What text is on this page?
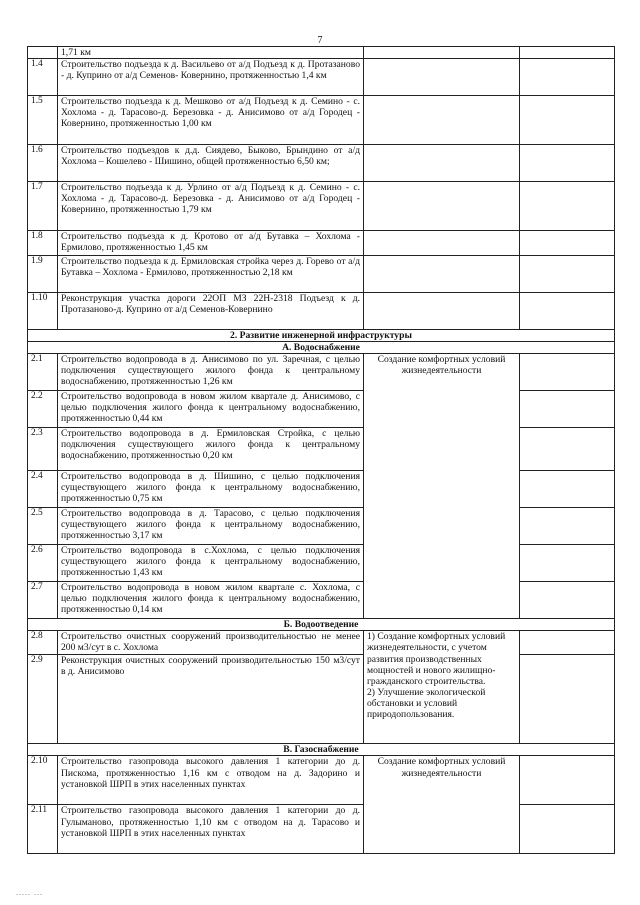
7
	1,71 км		
1.4	Строительство подъезда к д. Васильево от а/д Подъезд к д. Протазаново - д. Куприно от а/д Семенов- Ковернино, протяженностью 1,4 км		
1.5	Строительство подъезда к д. Мешково от а/д Подъезд к д. Семино - с. Хохлома - д. Тарасово-д. Березовка - д. Анисимово от а/д Городец - Ковернино, протяженностью 1,00 км		
1.6	Строительство подъездов к д.д. Сиядево, Быково, Брындино от а/д Хохлома – Кошелево - Шишино, общей протяженностью 6,50 км;		
1.7	Строительство подъезда к д. Урлино от а/д Подъезд к д. Семино - с. Хохлома - д. Тарасово-д. Березовка - д. Анисимово от а/д Городец - Ковернино, протяженностью 1,79 км		
1.8	Строительство подъезда к д. Кротово от а/д Бутавка – Хохлома - Ермилово, протяженностью 1,45 км		
1.9	Строительство подъезда к д. Ермиловская стройка через д. Горево от а/д Бутавка – Хохлома - Ермилово, протяженностью 2,18 км		
1.10	Реконструкция участка дороги 22ОП МЗ 22Н-2318 Подъезд к д. Протазаново-д. Куприно от а/д Семенов-Ковернино		
2. Развитие инженерной инфраструктуры			
А. Водоснабжение			
2.1	Строительство водопровода в д. Анисимово по ул. Заречная, с целью подключения существующего жилого фонда к центральному водоснабжению, протяженностью 1,26 км	Создание комфортных условий жизнедеятельности	
2.2	Строительство водопровода в новом жилом квартале д. Анисимово, с целью подключения жилого фонда к центральному водоснабжению, протяженностью 0,44 км		
2.3	Строительство водопровода в д. Ермиловская Стройка, с целью подключения существующего жилого фонда к центральному водоснабжению, протяженностью 0,20 км		
2.4	Строительство водопровода в д. Шишино, с целью подключения существующего жилого фонда к центральному водоснабжению, протяженностью 0,75 км		
2.5	Строительство водопровода в д. Тарасово, с целью подключения существующего жилого фонда к центральному водоснабжению, протяженностью 3,17 км		
2.6	Строительство водопровода в с.Хохлома, с целью подключения существующего жилого фонда к центральному водоснабжению, протяженностью 1,43 км		
2.7	Строительство водопровода в новом жилом квартале с. Хохлома, с целью подключения жилого фонда к центральному водоснабжению, протяженностью 0,14 км		
Б. Водоотведение			
2.8	Строительство очистных сооружений производительностью не менее 200 м3/сут в с. Хохлома	1) Создание комфортных условий жизнедеятельности, с учетом развития производственных мощностей и нового жилищно-гражданского строительства.
2) Улучшение экологической обстановки и условий природопользования.	

2.9	Реконструкция очистных сооружений производительностью 150 м3/сут в д. Анисимово		
В. Газоснабжение			
2.10	Строительство газопровода высокого давления 1 категории до д. Пискома, протяженностью 1,16 км с отводом на д. Задорино и установкой ШРП в этих населенных пунктах	Создание комфортных условий жизнедеятельности	
2.11	Строительство газопровода высокого давления 1 категории до д. Гулыманово, протяженностью 1,10 км с отводом на д. Тарасово и установкой ШРП в этих населенных пунктах		
..... ...
